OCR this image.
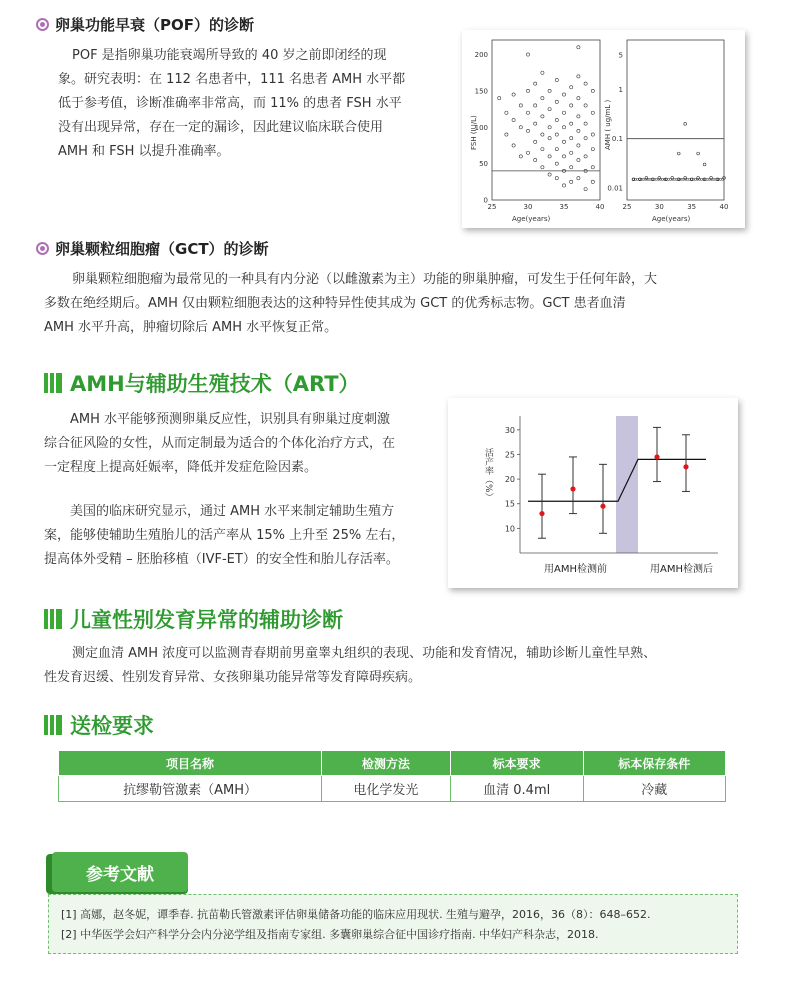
卵巢功能早衰（POF）的诊断
POF 是指卵巢功能衰竭所导致的 40 岁之前即闭经的现
象。研究表明：在 112 名患者中，111 名患者 AMH 水平都
低于参考值，诊断准确率非常高，而 11% 的患者 FSH 水平
没有出现异常，存在一定的漏诊，因此建议临床联合使用
AMH 和 FSH 以提升准确率。
0
50
100
150
200
25	30	35	40
5
1
0.1
0.01
25	30	35	40
Age(years)	Age(years)
FSH (IU/L)	AMH ( ug/mL )
卵巢颗粒细胞瘤（GCT）的诊断
卵巢颗粒细胞瘤为最常见的一种具有内分泌（以雌激素为主）功能的卵巢肿瘤，可发生于任何年龄，大
多数在绝经期后。AMH 仅由颗粒细胞表达的这种特异性使其成为 GCT 的优秀标志物。GCT 患者血清
AMH 水平升高，肿瘤切除后 AMH 水平恢复正常。
AMH与辅助生殖技术（ART）
AMH 水平能够预测卵巢反应性，识别具有卵巢过度刺激
综合征风险的女性，从而定制最为适合的个体化治疗方式，在
一定程度上提高妊娠率，降低并发症危险因素。
美国的临床研究显示，通过 AMH 水平来制定辅助生殖方
案，能够使辅助生殖胎儿的活产率从 15% 上升至 25% 左右，
提高体外受精 – 胚胎移植（IVF-ET）的安全性和胎儿存活率。
10
15
20
25
30
用AMH检测前	用AMH检测后
活产率（%）
儿童性别发育异常的辅助诊断
测定血清 AMH 浓度可以监测青春期前男童睾丸组织的表现、功能和发育情况，辅助诊断儿童性早熟、
性发育迟缓、性别发育异常、女孩卵巢功能异常等发育障碍疾病。
送检要求
项目名称	检测方法	标本要求	标本保存条件
抗缪勒管激素（AMH）	电化学发光	血清 0.4ml	冷藏
[1] 高娜，赵冬妮，谭季春. 抗苗勒氏管激素评估卵巢储备功能的临床应用现状. 生殖与避孕，2016，36（8）：648–652.
[2] 中华医学会妇产科学分会内分泌学组及指南专家组. 多囊卵巢综合征中国诊疗指南. 中华妇产科杂志，2018.
参考文献
